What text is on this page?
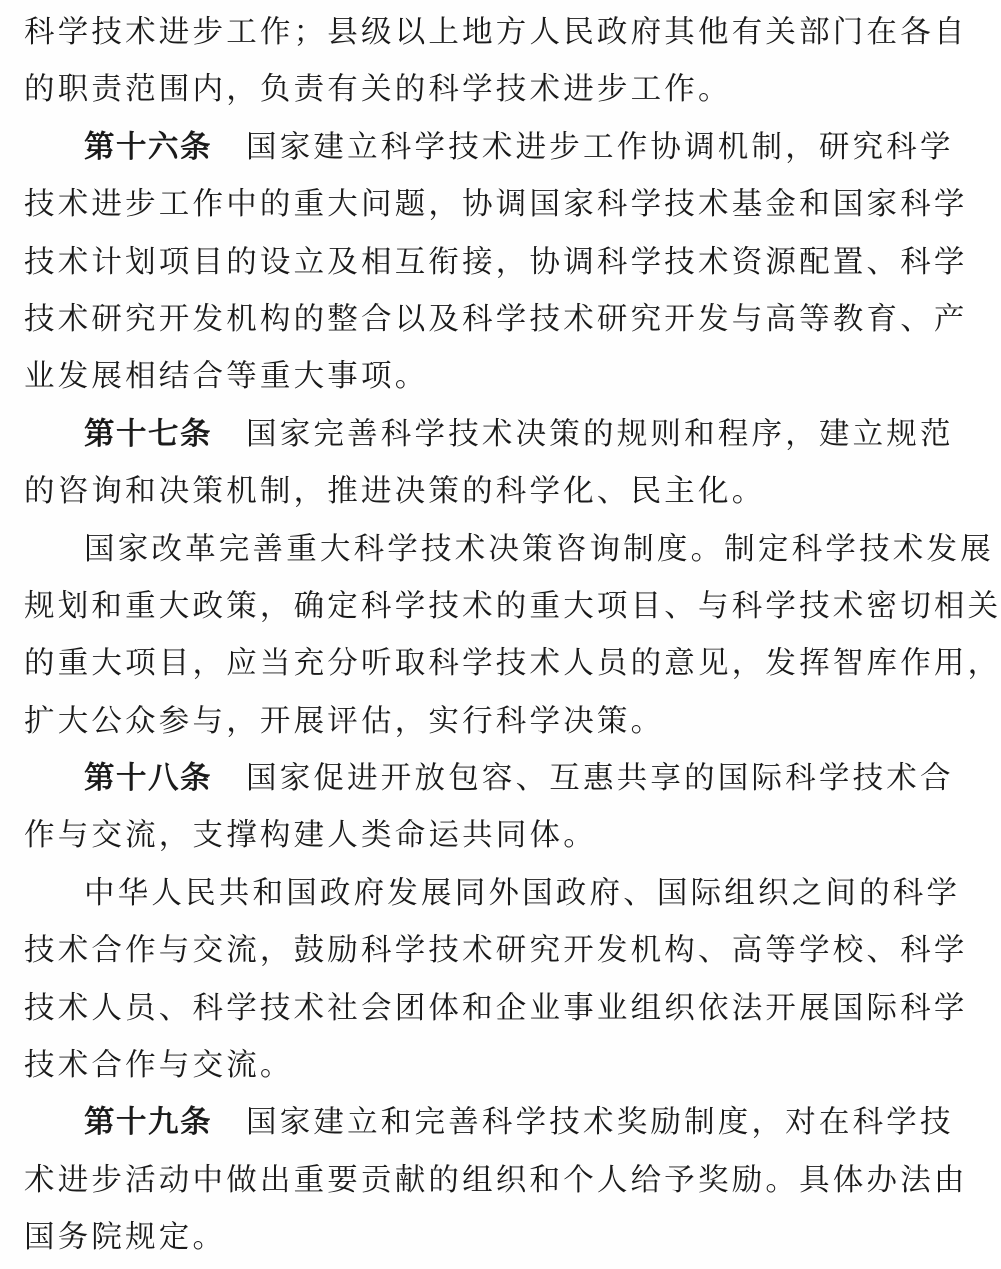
科学技术进步工作；县级以上地方人民政府其他有关部门在各自
的职责范围内，负责有关的科学技术进步工作。
第十六条 国家建立科学技术进步工作协调机制，研究科学
技术进步工作中的重大问题，协调国家科学技术基金和国家科学
技术计划项目的设立及相互衔接，协调科学技术资源配置、科学
技术研究开发机构的整合以及科学技术研究开发与高等教育、产
业发展相结合等重大事项。
第十七条 国家完善科学技术决策的规则和程序，建立规范
的咨询和决策机制，推进决策的科学化、民主化。
国家改革完善重大科学技术决策咨询制度。制定科学技术发展
规划和重大政策，确定科学技术的重大项目、与科学技术密切相关
的重大项目，应当充分听取科学技术人员的意见，发挥智库作用，
扩大公众参与，开展评估，实行科学决策。
第十八条 国家促进开放包容、互惠共享的国际科学技术合
作与交流，支撑构建人类命运共同体。
中华人民共和国政府发展同外国政府、国际组织之间的科学
技术合作与交流，鼓励科学技术研究开发机构、高等学校、科学
技术人员、科学技术社会团体和企业事业组织依法开展国际科学
技术合作与交流。
第十九条 国家建立和完善科学技术奖励制度，对在科学技
术进步活动中做出重要贡献的组织和个人给予奖励。具体办法由
国务院规定。
